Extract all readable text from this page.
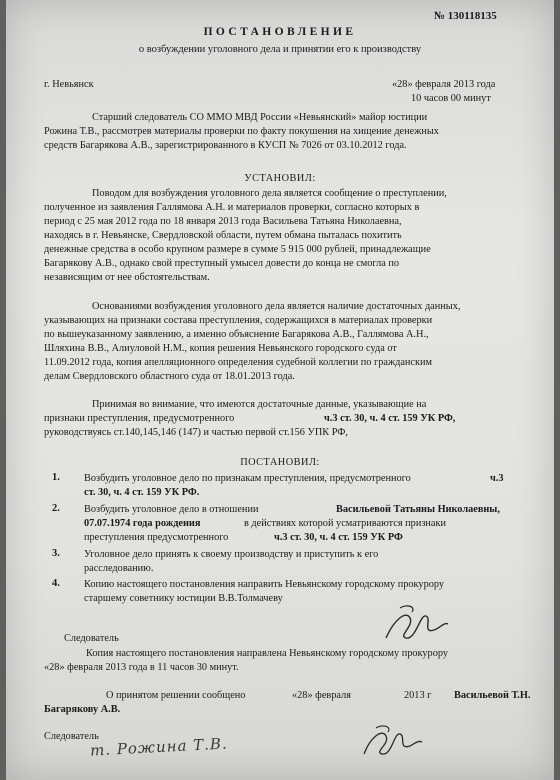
№ 130118135
ПОСТАНОВЛЕНИЕ
о возбуждении уголовного дела и принятии его к производству
г. Невьянск	«28» февраля 2013 года
10 часов 00 минут
Старший следователь СО ММО МВД России «Невьянский» майор юстиции
Рожина Т.В., рассмотрев материалы проверки по факту покушения на хищение денежных
средств Багарякова А.В., зарегистрированного в КУСП № 7026 от 03.10.2012 года.
УСТАНОВИЛ:
Поводом для возбуждения уголовного дела является сообщение о преступлении,
полученное из заявления Галлямова А.Н. и материалов проверки, согласно которых в
период с 25 мая 2012 года по 18 января 2013 года Васильева Татьяна Николаевна,
находясь в г. Невьянске, Свердловской области, путем обмана пыталась похитить
денежные средства в особо крупном размере в сумме 5 915 000 рублей, принадлежащие
Багарякову А.В., однако свой преступный умысел довести до конца не смогла по
независящим от нее обстоятельствам.
Основаниями возбуждения уголовного дела является наличие достаточных данных,
указывающих на признаки состава преступления, содержащихся в материалах проверки
по вышеуказанному заявлению, а именно объяснение Багарякова А.В., Галлямова А.Н.,
Шляхина В.В., Алиуловой Н.М., копия решения Невьянского городского суда от
11.09.2012 года, копия апелляционного определения судебной коллегии по гражданским
делам Свердловского областного суда от 18.01.2013 года.
Принимая во внимание, что имеются достаточные данные, указывающие на
признаки преступления, предусмотренного	ч.3 ст. 30, ч. 4 ст. 159 УК РФ,
руководствуясь ст.140,145,146 (147) и частью первой ст.156 УПК РФ,
ПОСТАНОВИЛ:
1. Возбудить уголовное дело по признакам преступления, предусмотренного	ч.3
ст. 30, ч. 4 ст. 159 УК РФ.
2. Возбудить уголовное дело в отношении	Васильевой Татьяны Николаевны,
07.07.1974 года рождения	в действиях которой усматриваются признаки
преступления предусмотренного	ч.3 ст. 30, ч. 4 ст. 159 УК РФ
3. Уголовное дело принять к своему производству и приступить к его
расследованию.
4. Копию настоящего постановления направить Невьянскому городскому прокурору
старшему советнику юстиции В.В.Толмачеву
Следователь
Копия настоящего постановления направлена Невьянскому городскому прокурору
«28» февраля 2013 года в 11 часов 30 минут.
О принятом решении сообщено	«28» февраля	2013 г Васильевой Т.Н.
Багарякову А.В.
Следователь
т. Рожина Т.В.
